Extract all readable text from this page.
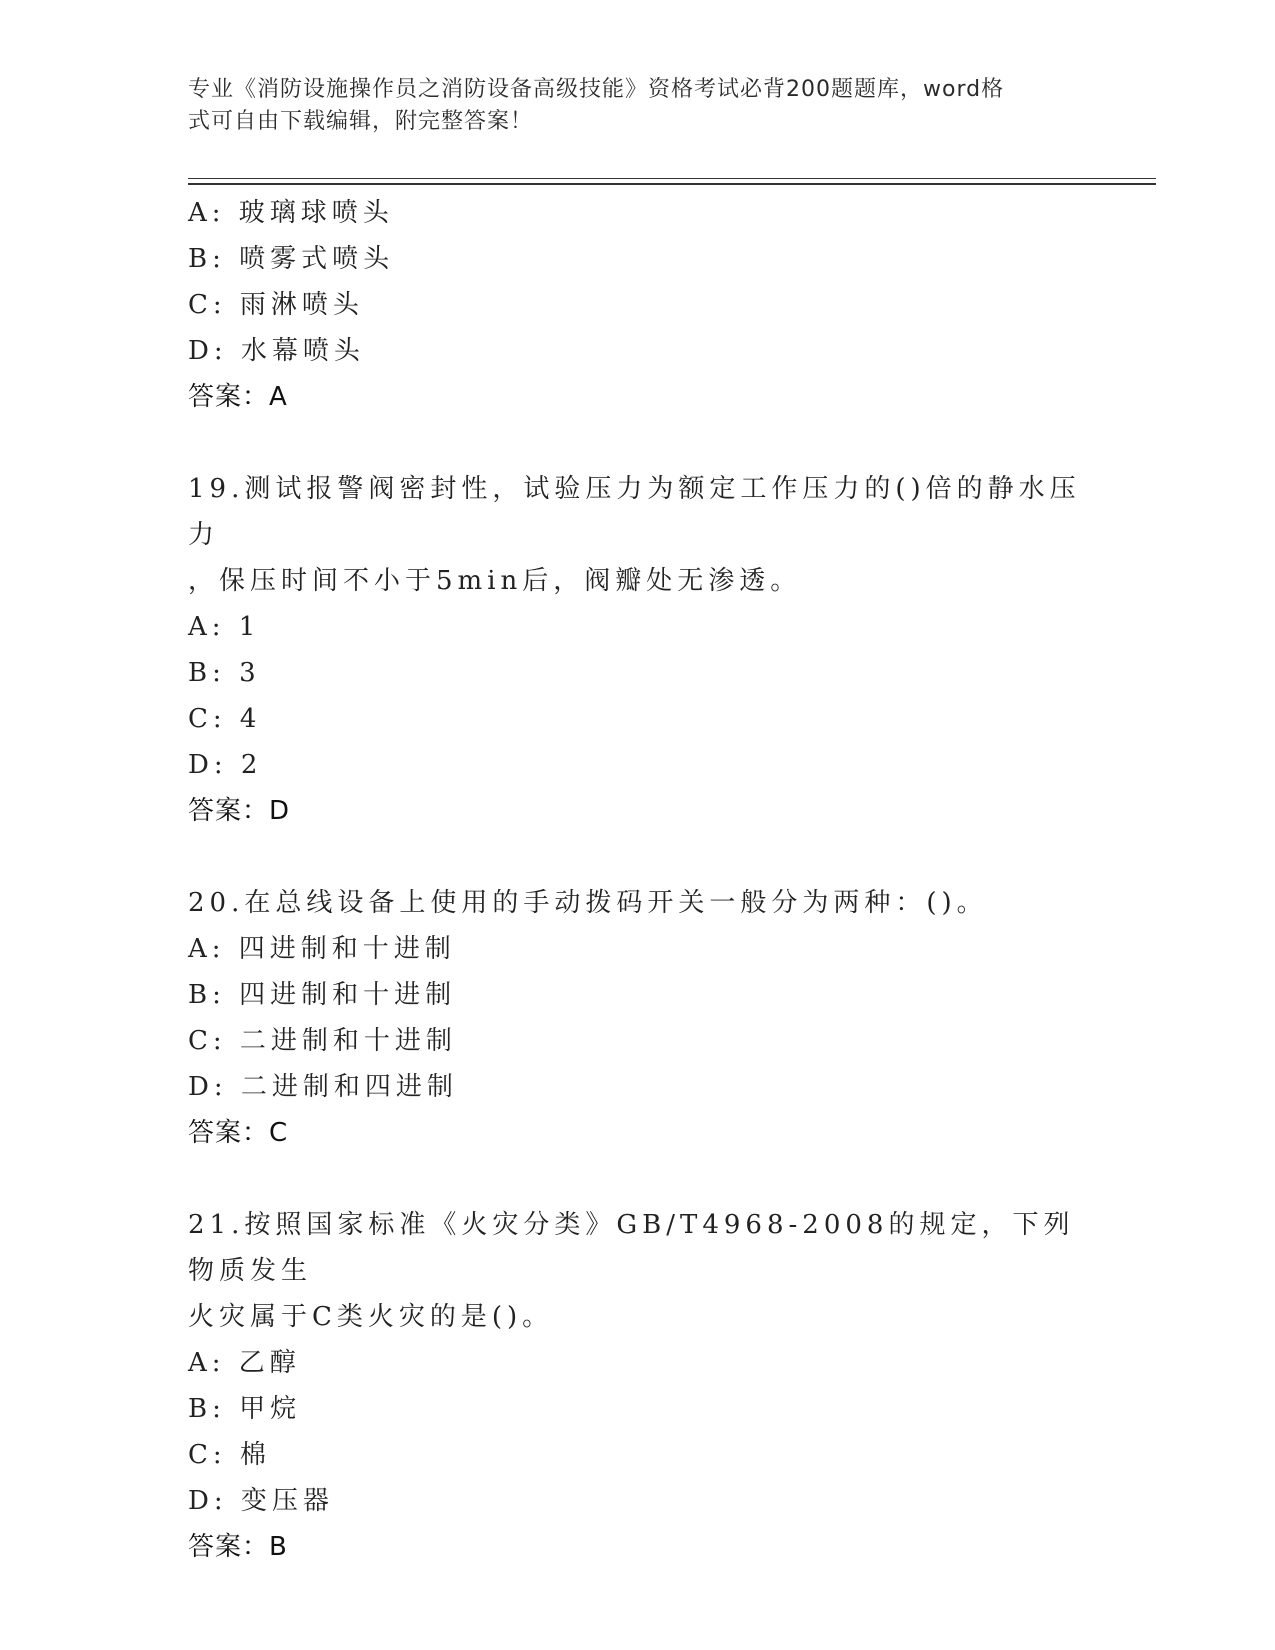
专业《消防设施操作员之消防设备高级技能》资格考试必背200题题库，word格
式可自由下载编辑，附完整答案！
A: 玻璃球喷头
B: 喷雾式喷头
C: 雨淋喷头
D: 水幕喷头
答案：A
19.测试报警阀密封性，试验压力为额定工作压力的()倍的静水压力
，保压时间不小于5min后，阀瓣处无渗透。
A: 1
B: 3
C: 4
D: 2
答案：D
20.在总线设备上使用的手动拨码开关一般分为两种：()。
A: 四进制和十进制
B: 四进制和十进制
C: 二进制和十进制
D: 二进制和四进制
答案：C
21.按照国家标准《火灾分类》GB/T4968-2008的规定，下列物质发生
火灾属于C类火灾的是()。
A: 乙醇
B: 甲烷
C: 棉
D: 变压器
答案：B
